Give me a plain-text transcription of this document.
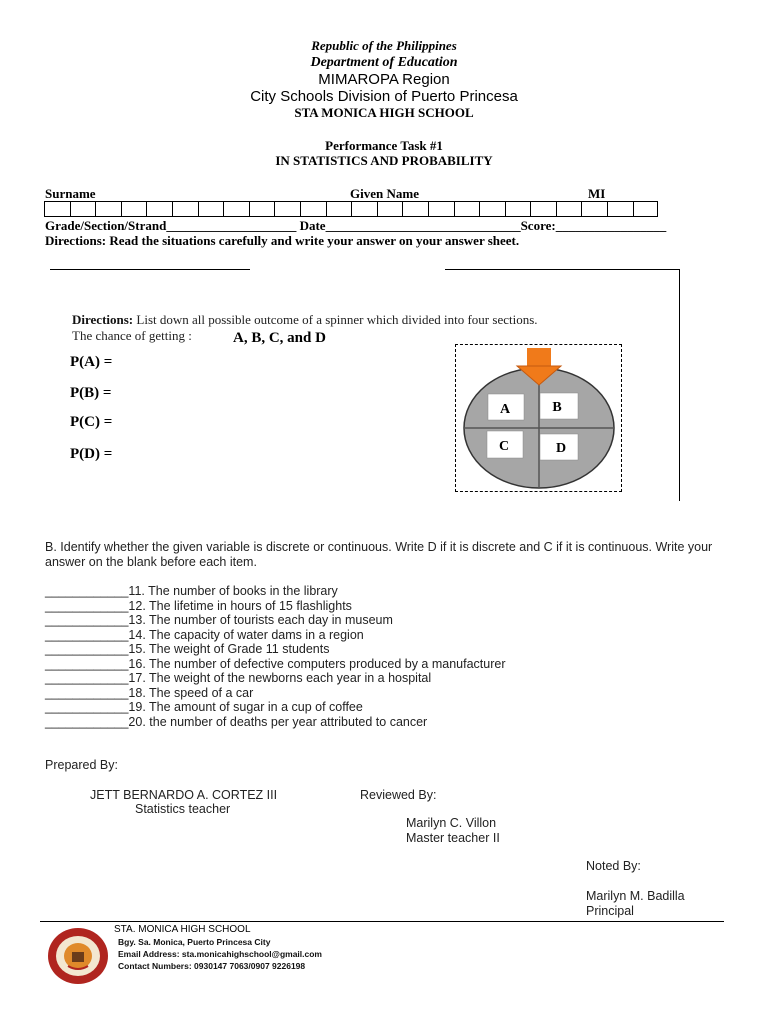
Republic of the Philippines
Department of Education
MIMAROPA Region
City Schools Division of Puerto Princesa
STA MONICA HIGH SCHOOL
Performance Task #1
IN STATISTICS AND PROBABILITY
Surname	Given Name	MI
Grade/Section/Strand____________________ Date______________________________Score:_________________
Directions: Read the situations carefully and write your answer on your answer sheet.
Directions: List down all possible outcome of a spinner which divided into four sections.
The chance of getting :	A, B, C, and D
P(A) =
P(B) =
P(C) =
P(D) =
A	B
C	D
B. Identify whether the given variable is discrete or continuous. Write D if it is discrete and C if it is continuous. Write your answer on the blank before each item.
____________11. The number of books in the library
____________12. The lifetime in hours of 15 flashlights
____________13. The number of tourists each day in museum
____________14. The capacity of water dams in a region
____________15. The weight of Grade 11 students
____________16. The number of defective computers produced by a manufacturer
____________17. The weight of the newborns each year in a hospital
____________18. The speed of a car
____________19. The amount of sugar in a cup of coffee
____________20. the number of deaths per year attributed to cancer
Prepared By:
JETT BERNARDO A. CORTEZ III
Statistics teacher
Reviewed By:
Marilyn C. Villon
Master teacher II
Noted By:
Marilyn M. Badilla
Principal
STA. MONICA HIGH SCHOOL
Bgy. Sa. Monica, Puerto Princesa City
Email Address: sta.monicahighschool@gmail.com
Contact Numbers: 0930147 7063/0907 9226198
